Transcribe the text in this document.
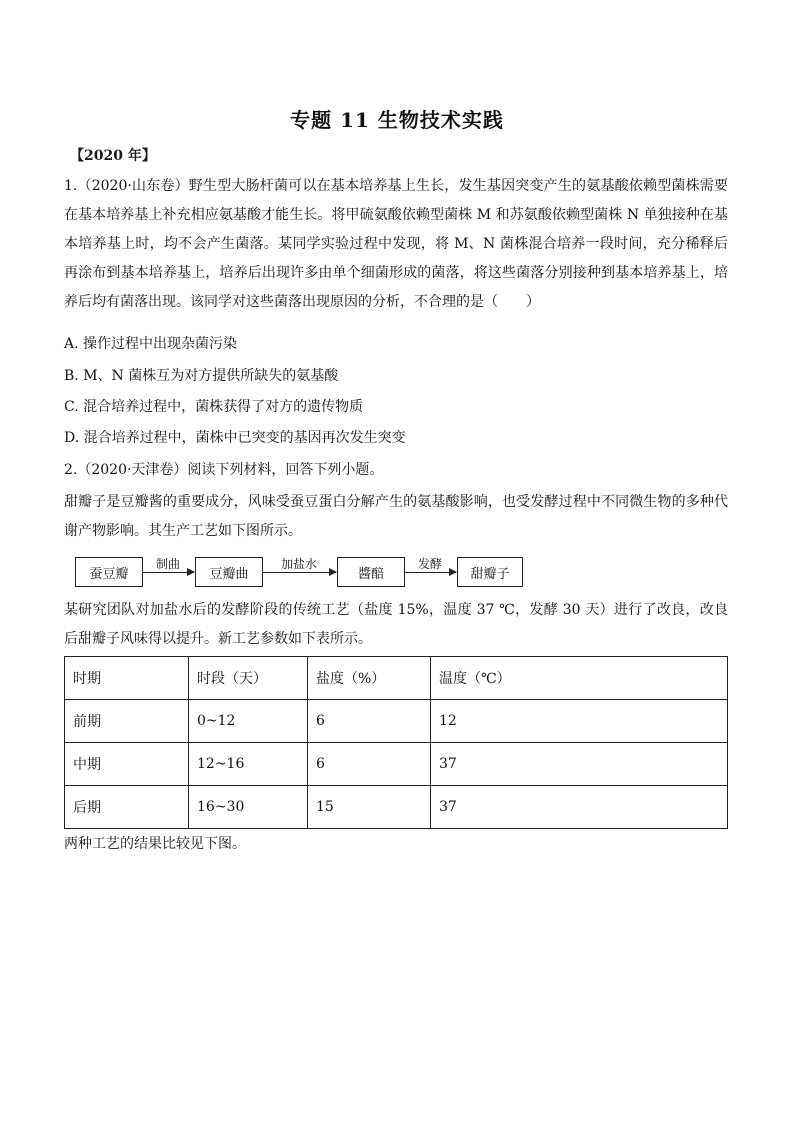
专题 11 生物技术实践
【2020 年】
1.（2020·山东卷）野生型大肠杆菌可以在基本培养基上生长，发生基因突变产生的氨基酸依赖型菌株需要在基本培养基上补充相应氨基酸才能生长。将甲硫氨酸依赖型菌株 M 和苏氨酸依赖型菌株 N 单独接种在基本培养基上时，均不会产生菌落。某同学实验过程中发现，将 M、N 菌株混合培养一段时间，充分稀释后再涂布到基本培养基上，培养后出现许多由单个细菌形成的菌落，将这些菌落分别接种到基本培养基上，培养后均有菌落出现。该同学对这些菌落出现原因的分析，不合理的是（　　）
A. 操作过程中出现杂菌污染
B. M、N 菌株互为对方提供所缺失的氨基酸
C. 混合培养过程中，菌株获得了对方的遗传物质
D. 混合培养过程中，菌株中已突变的基因再次发生突变
2.（2020·天津卷）阅读下列材料，回答下列小题。
甜瓣子是豆瓣酱的重要成分，风味受蚕豆蛋白分解产生的氨基酸影响，也受发酵过程中不同微生物的多种代谢产物影响。其生产工艺如下图所示。
蚕豆瓣
制曲
豆瓣曲
加盐水
醬醅
发酵
甜瓣子
某研究团队对加盐水后的发酵阶段的传统工艺（盐度 15%，温度 37 ℃，发酵 30 天）进行了改良，改良后甜瓣子风味得以提升。新工艺参数如下表所示。
时期	时段（天）	盐度（%）	温度（℃）
前期	0~12	6	12
中期	12~16	6	37
后期	16~30	15	37
两种工艺的结果比较见下图。
